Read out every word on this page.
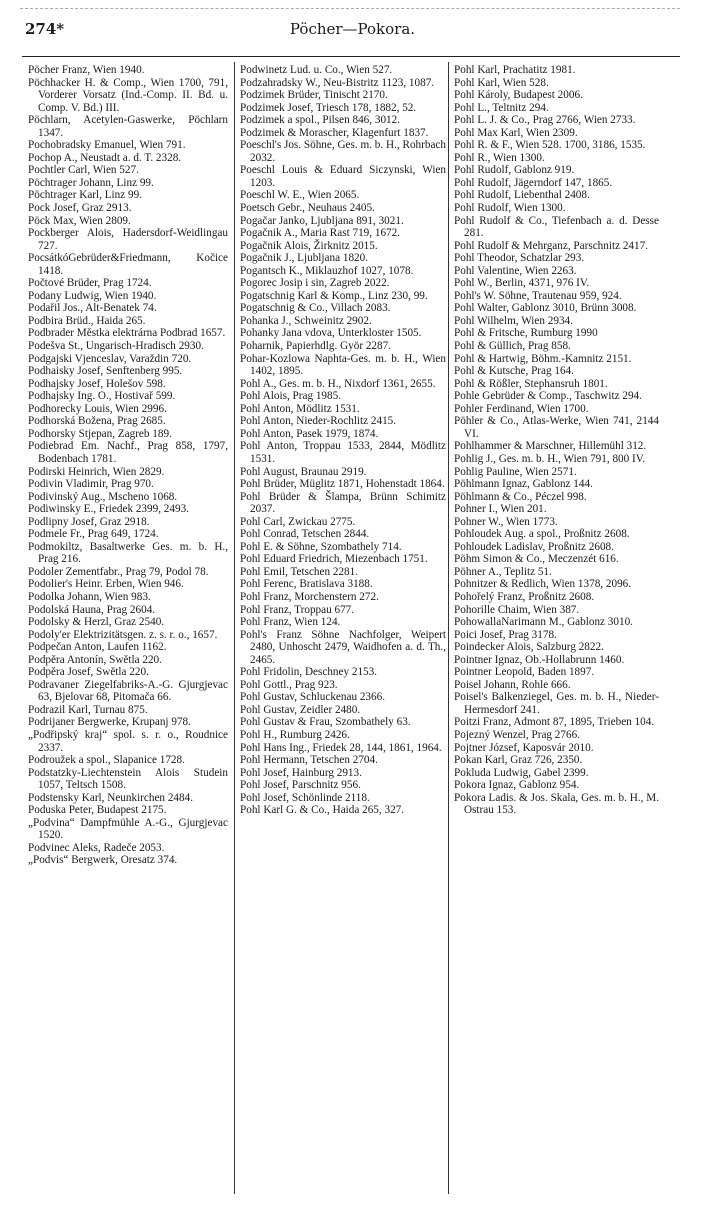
274*	Pöcher—Pokora.
Pöcher Franz, Wien 1940.
Pöchhacker H. & Comp., Wien 1700, 791, Vorderer Vorsatz (Ind.-Comp. II. Bd. u. Comp. V. Bd.) III.
Pöchlarn, Acetylen-Gaswerke, Pöchlarn 1347.
Pochobradsky Emanuel, Wien 791.
Pochop A., Neustadt a. d. T. 2328.
Pochtler Carl, Wien 527.
Pöchtrager Johann, Linz 99.
Pöchtrager Karl, Linz 99.
Pock Josef, Graz 2913.
Pöck Max, Wien 2809.
Pockberger Alois, Hadersdorf-Weidlingau 727.
PocsátkóGebrüder&Friedmann, Kočice 1418.
Počtové Brüder, Prag 1724.
Podany Ludwig, Wien 1940.
Podařil Jos., Alt-Benatek 74.
Podbira Brüd., Haida 265.
Podbrader Městka elektrárna Podbrad 1657.
Podešva St., Ungarisch-Hradisch 2930.
Podgajski Vjenceslav, Varaždin 720.
Podhaisky Josef, Senftenberg 995.
Podhajsky Josef, Holešov 598.
Podhajsky Ing. O., Hostivař 599.
Podhorecky Louis, Wien 2996.
Podhorská Božena, Prag 2685.
Podhorsky Stjepan, Zagreb 189.
Podiebrad Em. Nachf., Prag 858, 1797, Bodenbach 1781.
Podirski Heinrich, Wien 2829.
Podivin Vladimir, Prag 970.
Podivinský Aug., Mscheno 1068.
Podiwinsky E., Friedek 2399, 2493.
Podlipny Josef, Graz 2918.
Podmele Fr., Prag 649, 1724.
Podmokiltz, Basaltwerke Ges. m. b. H., Prag 216.
Podoler Zementfabr., Prag 79, Podol 78.
Podolier's Heinr. Erben, Wien 946.
Podolka Johann, Wien 983.
Podolská Hauna, Prag 2604.
Podolsky & Herzl, Graz 2540.
Podoly'er Elektrizitätsgen. z. s. r. o., 1657.
Podpečan Anton, Laufen 1162.
Podpěra Antonín, Swětla 220.
Podpěra Josef, Swětla 220.
Podravaner Ziegelfabriks-A.-G. Gjurgjevac 63, Bjelovar 68, Pitomača 66.
Podrazil Karl, Turnau 875.
Podrijaner Bergwerke, Krupanj 978.
„Podřipský kraj“ spol. s. r. o., Roudnice 2337.
Podroužek a spol., Slapanice 1728.
Podstatzky-Liechtenstein Alois Studein 1057, Teltsch 1508.
Podstensky Karl, Neunkirchen 2484.
Poduska Peter, Budapest 2175.
„Podvina“ Dampfmühle A.-G., Gjurgjevac 1520.
Podvinec Aleks, Radeče 2053.
„Podvis“ Bergwerk, Oresatz 374.
Podwinetz Lud. u. Co., Wien 527.
Podzahradsky W., Neu-Bistritz 1123, 1087.
Podzimek Brüder, Tinischt 2170.
Podzimek Josef, Triesch 178, 1882, 52.
Podzimek a spol., Pilsen 846, 3012.
Podzimek & Morascher, Klagenfurt 1837.
Poeschl's Jos. Söhne, Ges. m. b. H., Rohrbach 2032.
Poeschl Louis & Eduard Siczynski, Wien 1203.
Poeschl W. E., Wien 2065.
Poetsch Gebr., Neuhaus 2405.
Pogačar Janko, Ljubljana 891, 3021.
Pogačnik A., Maria Rast 719, 1672.
Pogačnik Alois, Žirknitz 2015.
Pogačnik J., Ljubljana 1820.
Pogantsch K., Miklauzhof 1027, 1078.
Pogorec Josip i sin, Zagreb 2022.
Pogatschnig Karl & Komp., Linz 230, 99.
Pogatschnig & Co., Villach 2083.
Pohanka J., Schweinitz 2902.
Pohanky Jana vdova, Unterkloster 1505.
Poharnik, Papierhdlg. Györ 2287.
Pohar-Kozlowa Naphta-Ges. m. b. H., Wien 1402, 1895.
Pohl A., Ges. m. b. H., Nixdorf 1361, 2655.
Pohl Alois, Prag 1985.
Pohl Anton, Mödlitz 1531.
Pohl Anton, Nieder-Rochlitz 2415.
Pohl Anton, Pasek 1979, 1874.
Pohl Anton, Troppau 1533, 2844, Mödlitz 1531.
Pohl August, Braunau 2919.
Pohl Brüder, Müglitz 1871, Hohenstadt 1864.
Pohl Brüder & Šlampa, Brünn Schimitz 2037.
Pohl Carl, Zwickau 2775.
Pohl Conrad, Tetschen 2844.
Pohl E. & Söhne, Szombathely 714.
Pohl Eduard Friedrich, Miezenbach 1751.
Pohl Emil, Tetschen 2281.
Pohl Ferenc, Bratislava 3188.
Pohl Franz, Morchenstern 272.
Pohl Franz, Troppau 677.
Pohl Franz, Wien 124.
Pohl's Franz Söhne Nachfolger, Weipert 2480, Unhoscht 2479, Waidhofen a. d. Th., 2465.
Pohl Fridolin, Deschney 2153.
Pohl Gottl., Prag 923.
Pohl Gustav, Schluckenau 2366.
Pohl Gustav, Zeidler 2480.
Pohl Gustav & Frau, Szombathely 63.
Pohl H., Rumburg 2426.
Pohl Hans Ing., Friedek 28, 144, 1861, 1964.
Pohl Hermann, Tetschen 2704.
Pohl Josef, Hainburg 2913.
Pohl Josef, Parschnitz 956.
Pohl Josef, Schönlinde 2118.
Pohl Karl G. & Co., Haida 265, 327.
Pohl Karl, Prachatitz 1981.
Pohl Karl, Wien 528.
Pohl Károly, Budapest 2006.
Pohl L., Teltnitz 294.
Pohl L. J. & Co., Prag 2766, Wien 2733.
Pohl Max Karl, Wien 2309.
Pohl R. & F., Wien 528. 1700, 3186, 1535.
Pohl R., Wien 1300.
Pohl Rudolf, Gablonz 919.
Pohl Rudolf, Jägerndorf 147, 1865.
Pohl Rudolf, Liebenthal 2408.
Pohl Rudolf, Wien 1300.
Pohl Rudolf & Co., Tiefenbach a. d. Desse 281.
Pohl Rudolf & Mehrganz, Parschnitz 2417.
Pohl Theodor, Schatzlar 293.
Pohl Valentine, Wien 2263.
Pohl W., Berlin, 4371, 976 IV.
Pohl's W. Söhne, Trautenau 959, 924.
Pohl Walter, Gablonz 3010, Brünn 3008.
Pohl Wilhelm, Wien 2934.
Pohl & Fritsche, Rumburg 1990
Pohl & Güllich, Prag 858.
Pohl & Hartwig, Böhm.-Kamnitz 2151.
Pohl & Kutsche, Prag 164.
Pohl & Rößler, Stephansruh 1801.
Pohle Gebrüder & Comp., Taschwitz 294.
Pohler Ferdinand, Wien 1700.
Pöhler & Co., Atlas-Werke, Wien 741, 2144 VI.
Pohlhammer & Marschner, Hillemühl 312.
Pohlig J., Ges. m. b. H., Wien 791, 800 IV.
Pohlig Pauline, Wien 2571.
Pöhlmann Ignaz, Gablonz 144.
Pöhlmann & Co., Péczel 998.
Pohner I., Wien 201.
Pohner W., Wien 1773.
Pohloudek Aug. a spol., Proßnitz 2608.
Pohloudek Ladislav, Proßnitz 2608.
Pöhm Simon & Co., Meczenzét 616.
Pöhner A., Teplitz 51.
Pohnitzer & Redlich, Wien 1378, 2096.
Pohořelý Franz, Proßnitz 2608.
Pohorille Chaim, Wien 387.
PohowallaNarimann M., Gablonz 3010.
Poici Josef, Prag 3178.
Poindecker Alois, Salzburg 2822.
Pointner Ignaz, Ob.-Hollabrunn 1460.
Pointner Leopold, Baden 1897.
Poisel Johann, Rohle 666.
Poisel's Balkenziegel, Ges. m. b. H., Nieder-Hermesdorf 241.
Poitzi Franz, Admont 87, 1895, Trieben 104.
Pojezný Wenzel, Prag 2766.
Pojtner József, Kaposvár 2010.
Pokan Karl, Graz 726, 2350.
Pokluda Ludwig, Gabel 2399.
Pokora Ignaz, Gablonz 954.
Pokora Ladis. & Jos. Skala, Ges. m. b. H., M. Ostrau 153.
